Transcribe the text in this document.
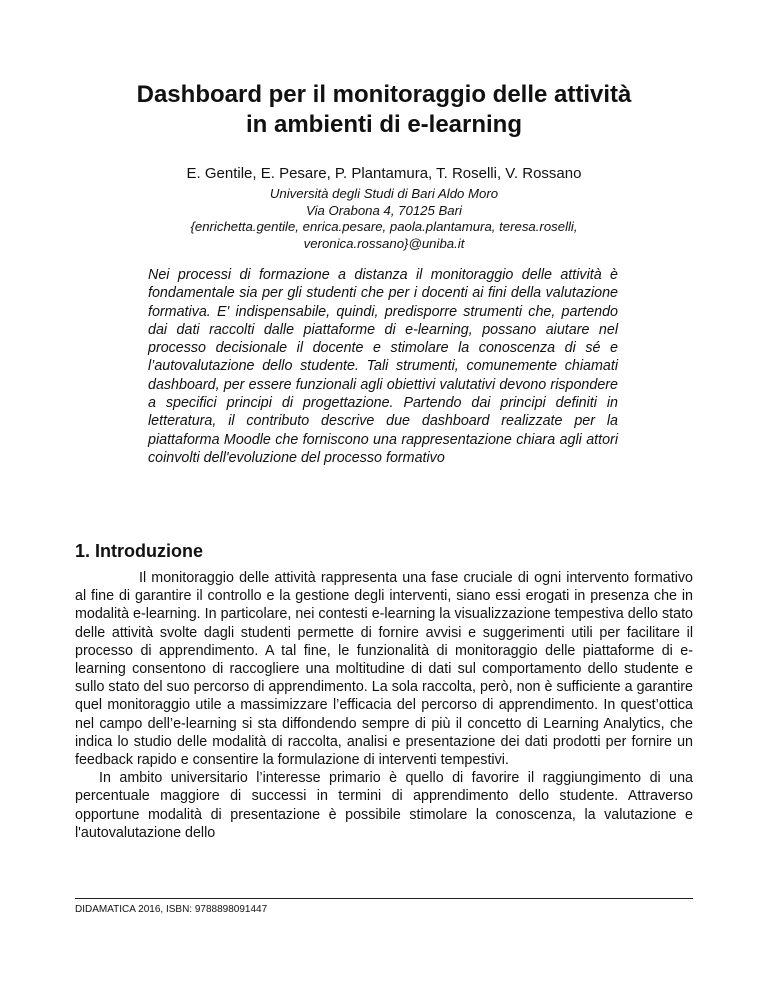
Dashboard per il monitoraggio delle attività
in ambienti di e-learning

E. Gentile, E. Pesare, P. Plantamura, T. Roselli, V. Rossano

Università degli Studi di Bari Aldo Moro
Via Orabona 4, 70125 Bari
{enrichetta.gentile, enrica.pesare, paola.plantamura, teresa.roselli,
veronica.rossano}@uniba.it

Nei processi di formazione a distanza il monitoraggio delle attività è fondamentale sia per gli studenti che per i docenti ai fini della valutazione formativa. E' indispensabile, quindi, predisporre strumenti che, partendo dai dati raccolti dalle piattaforme di e-learning, possano aiutare nel processo decisionale il docente e stimolare la conoscenza di sé e l’autovalutazione dello studente. Tali strumenti, comunemente chiamati dashboard, per essere funzionali agli obiettivi valutativi devono rispondere a specifici principi di progettazione. Partendo dai principi definiti in letteratura, il contributo descrive due dashboard realizzate per la piattaforma Moodle che forniscono una rappresentazione chiara agli attori coinvolti dell'evoluzione del processo formativo

1. Introduzione

Il monitoraggio delle attività rappresenta una fase cruciale di ogni intervento formativo al fine di garantire il controllo e la gestione degli interventi, siano essi erogati in presenza che in modalità e-learning. In particolare, nei contesti e-learning la visualizzazione tempestiva dello stato delle attività svolte dagli studenti permette di fornire avvisi e suggerimenti utili per facilitare il processo di apprendimento. A tal fine, le funzionalità di monitoraggio delle piattaforme di e-learning consentono di raccogliere una moltitudine di dati sul comportamento dello studente e sullo stato del suo percorso di apprendimento. La sola raccolta, però, non è sufficiente a garantire quel monitoraggio utile a massimizzare l’efficacia del percorso di apprendimento. In quest’ottica nel campo dell’e-learning si sta diffondendo sempre di più il concetto di Learning Analytics, che indica lo studio delle modalità di raccolta, analisi e presentazione dei dati prodotti per fornire un feedback rapido e consentire la formulazione di interventi tempestivi.

In ambito universitario l’interesse primario è quello di favorire il raggiungimento di una percentuale maggiore di successi in termini di apprendimento dello studente. Attraverso opportune modalità di presentazione è possibile stimolare la conoscenza, la valutazione e l'autovalutazione dello

DIDAMATICA 2016, ISBN: 9788898091447
